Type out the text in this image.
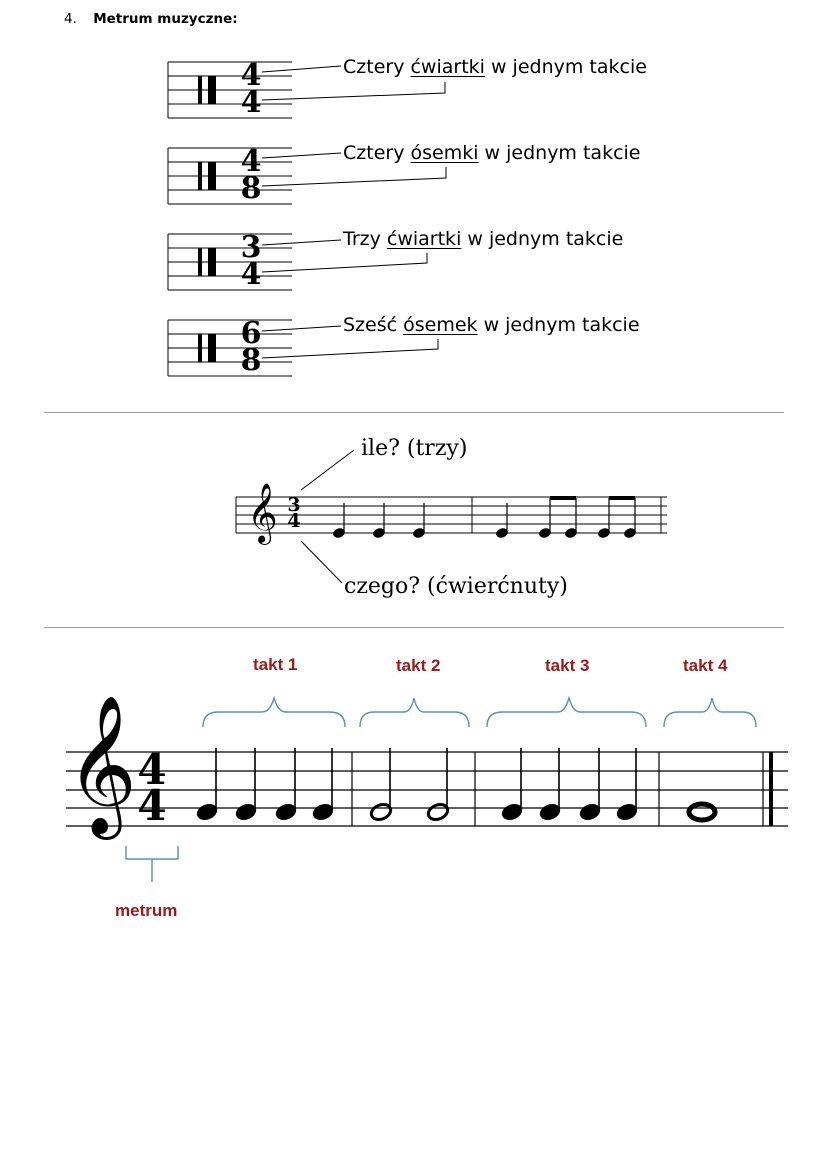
4. Metrum muzyczne:
4
4
4
8
3
4
6
8
Cztery ćwiartki w jednym takcie
Cztery ósemki w jednym takcie
Trzy ćwiartki w jednym takcie
Sześć ósemek w jednym takcie
𝄞 3
4
ile? (trzy)
czego? (ćwierćnuty)
𝄞 4
4
takt 1	takt 2	takt 3	takt 4
metrum
